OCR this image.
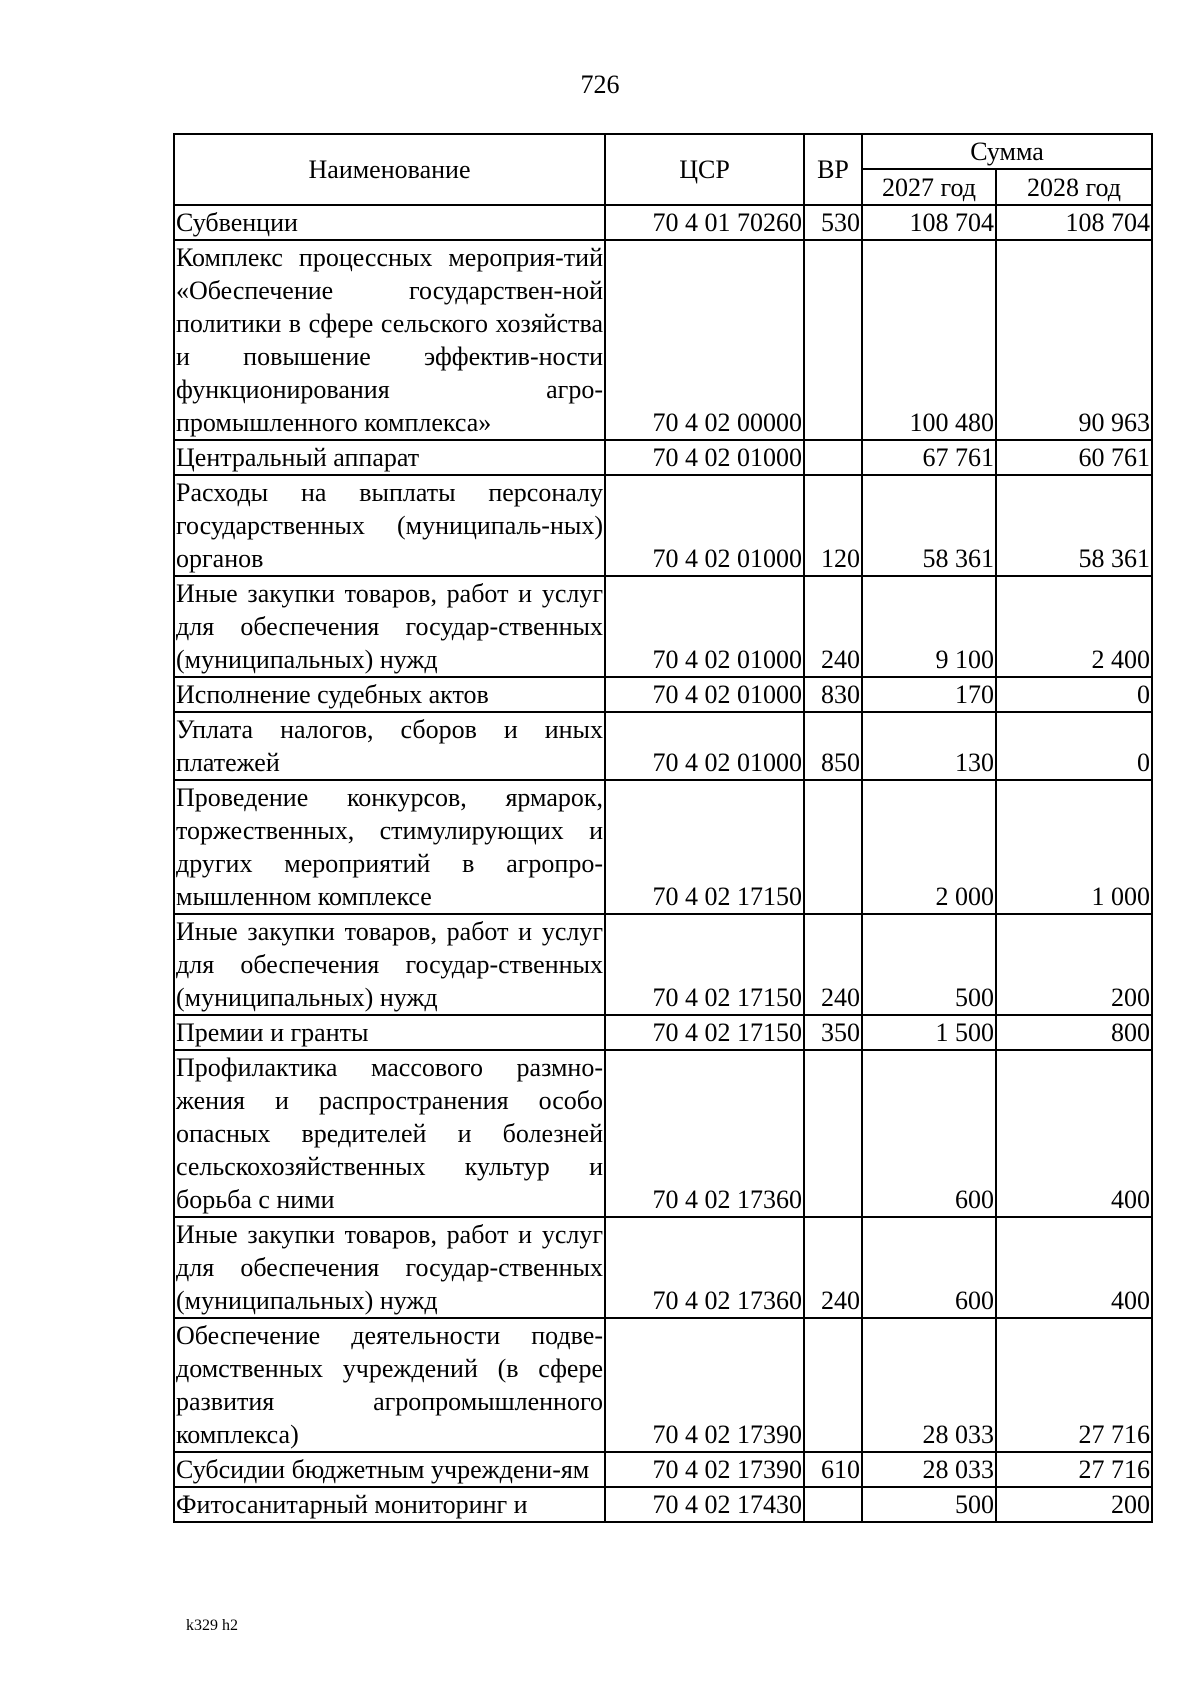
726
Наименование	ЦСР	ВР	Сумма	
			2027 год	2028 год
Субвенции	70 4 01 70260	530	108 704	108 704
Комплекс процессных мероприя-тий «Обеспечение государствен-ной политики в сфере сельского хозяйства и повышение эффектив-ности функционирования агро-промышленного комплекса»	70 4 02 00000		100 480	90 963
Центральный аппарат	70 4 02 01000		67 761	60 761
Расходы на выплаты персоналу государственных (муниципаль-ных) органов	70 4 02 01000	120	58 361	58 361
Иные закупки товаров, работ и услуг для обеспечения государ-ственных (муниципальных) нужд	70 4 02 01000	240	9 100	2 400
Исполнение судебных актов	70 4 02 01000	830	170	0
Уплата налогов, сборов и иных платежей	70 4 02 01000	850	130	0
Проведение конкурсов, ярмарок, торжественных, стимулирующих и других мероприятий в агропро-мышленном комплексе	70 4 02 17150		2 000	1 000
Иные закупки товаров, работ и услуг для обеспечения государ-ственных (муниципальных) нужд	70 4 02 17150	240	500	200
Премии и гранты	70 4 02 17150	350	1 500	800
Профилактика массового размно-жения и распространения особо опасных вредителей и болезней сельскохозяйственных культур и борьба с ними	70 4 02 17360		600	400
Иные закупки товаров, работ и услуг для обеспечения государ-ственных (муниципальных) нужд	70 4 02 17360	240	600	400
Обеспечение деятельности подве-домственных учреждений (в сфере развития агропромышленного комплекса)	70 4 02 17390		28 033	27 716
Субсидии бюджетным учреждени-ям	70 4 02 17390	610	28 033	27 716
Фитосанитарный мониторинг и	70 4 02 17430		500	200
k329 h2
